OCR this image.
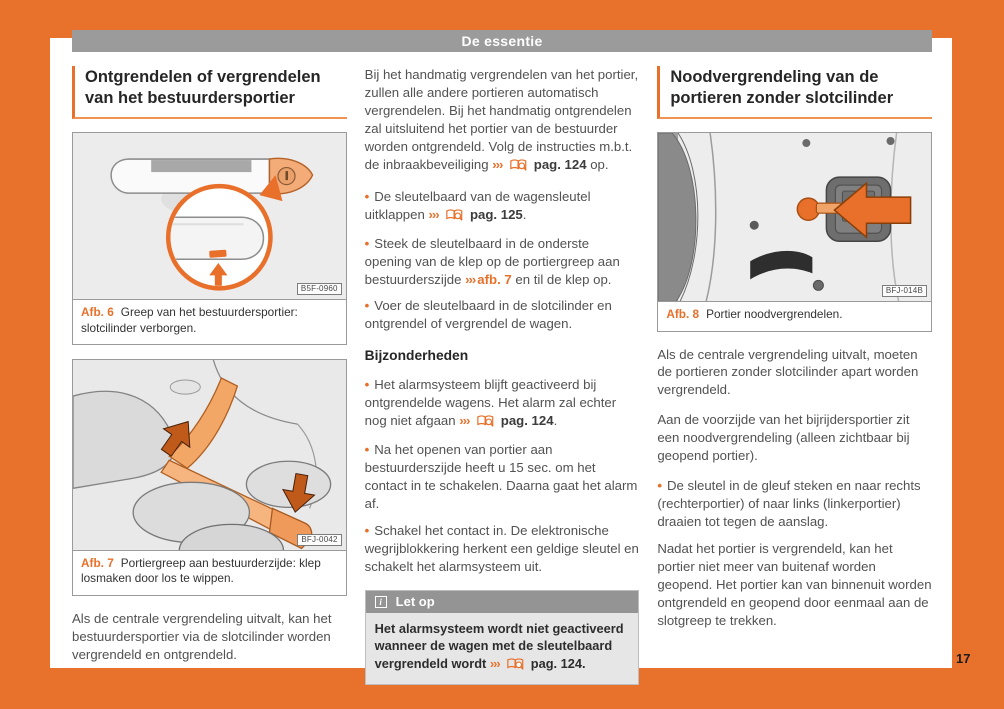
De essentie
Ontgrendelen of vergrendelen van het bestuurdersportier
B5F-0960

Afb. 6 Greep van het bestuurdersportier: slotcilinder verborgen.

BFJ-0042

Afb. 7 Portiergreep aan bestuurderzijde: klep losmaken door los te wippen.

Als de centrale vergrendeling uitvalt, kan het bestuurdersportier via de slotcilinder worden vergrendeld en ontgrendeld.

Bij het handmatig vergrendelen van het portier, zullen alle andere portieren automatisch vergrendelen. Bij het handmatig ontgrendelen zal uitsluitend het portier van de bestuurder worden ontgrendeld. Volg de instructies m.b.t. de inbraakbeveiliging ››› pag. 124 op.

• De sleutelbaard van de wagensleutel uitklappen ››› pag. 125.

• Steek de sleutelbaard in de onderste opening van de klep op de portiergreep aan bestuurderszijde ››› afb. 7 en til de klep op.

• Voer de sleutelbaard in de slotcilinder en ontgrendel of vergrendel de wagen.

Bijzonderheden

• Het alarmsysteem blijft geactiveerd bij ontgrendelde wagens. Het alarm zal echter nog niet afgaan ››› pag. 124.

• Na het openen van portier aan bestuurderszijde heeft u 15 sec. om het contact in te schakelen. Daarna gaat het alarm af.

• Schakel het contact in. De elektronische wegrijblokkering herkent een geldige sleutel en schakelt het alarmsysteem uit.

i	Let op
Het alarmsysteem wordt niet geactiveerd wanneer de wagen met de sleutelbaard vergrendeld wordt ››› pag. 124.
Noodvergrendeling van de portieren zonder slotcilinder
BFJ-014B

Afb. 8 Portier noodvergrendelen.

Als de centrale vergrendeling uitvalt, moeten de portieren zonder slotcilinder apart worden vergrendeld.

Aan de voorzijde van het bijrijdersportier zit een noodvergrendeling (alleen zichtbaar bij geopend portier).

• De sleutel in de gleuf steken en naar rechts (rechterportier) of naar links (linkerportier) draaien tot tegen de aanslag.

Nadat het portier is vergrendeld, kan het portier niet meer van buitenaf worden geopend. Het portier kan van binnenuit worden ontgrendeld en geopend door eenmaal aan de slotgreep te trekken.

17
